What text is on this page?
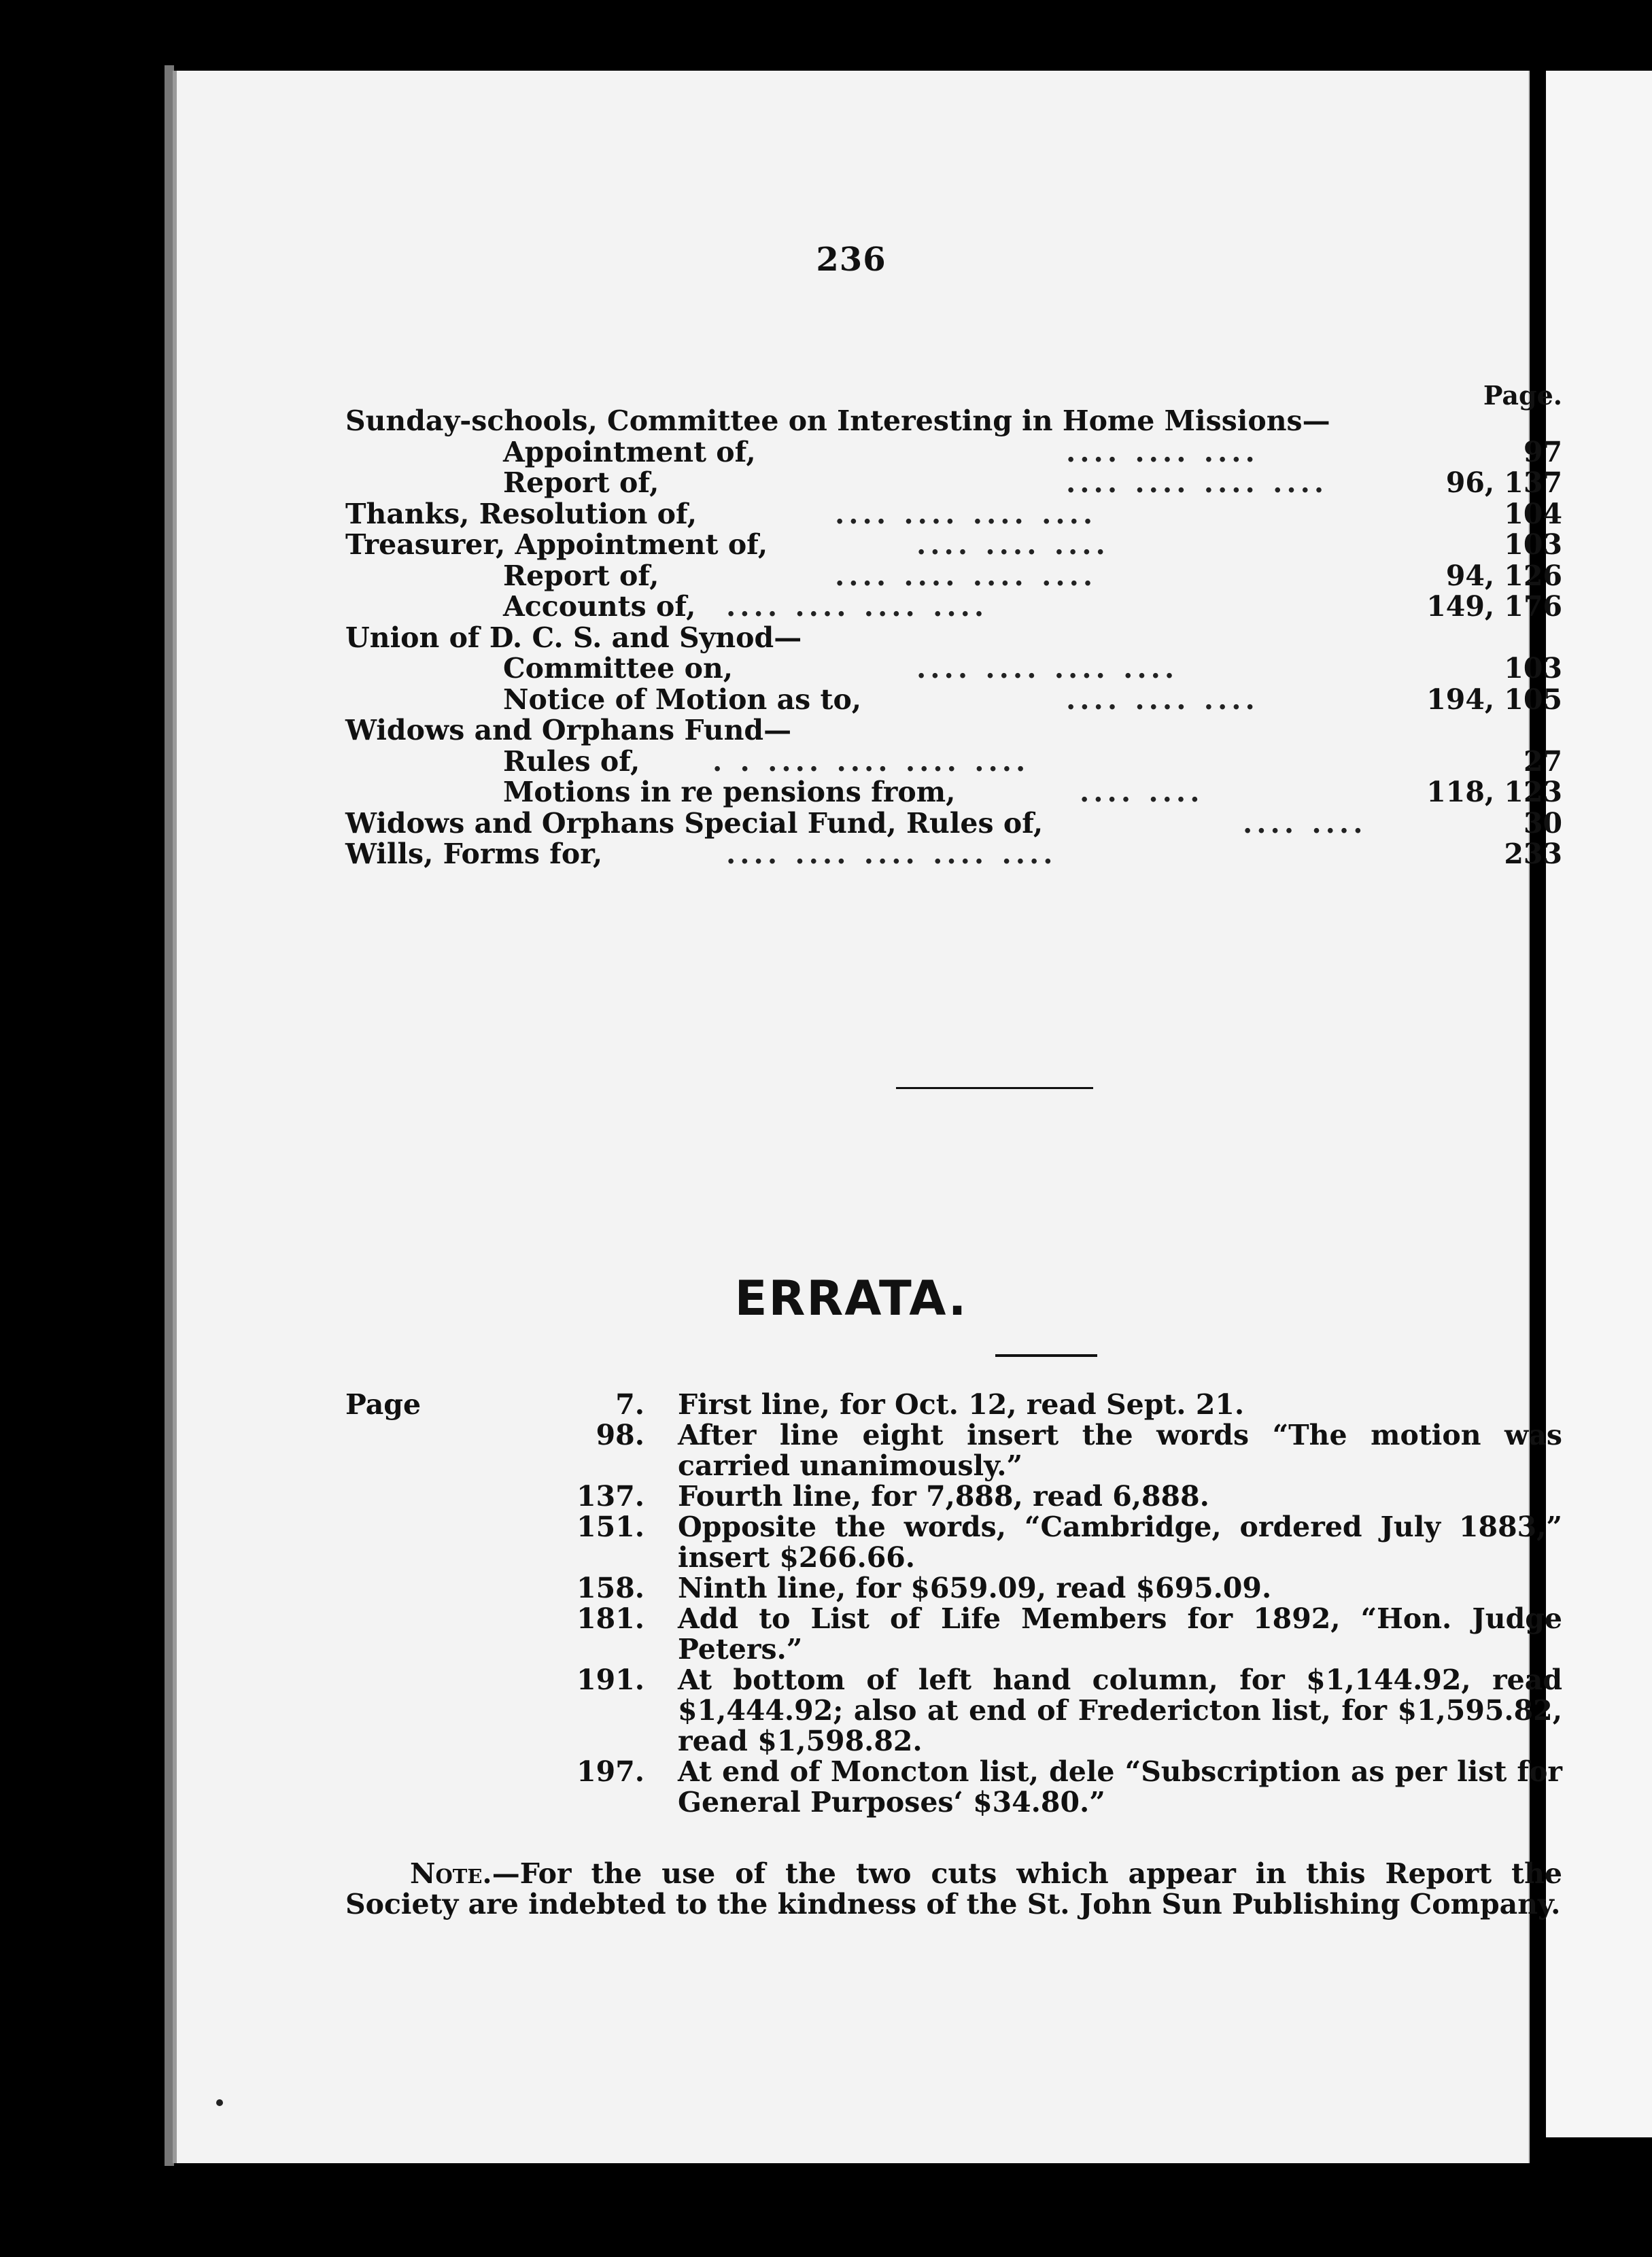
236
Page.
Sunday-schools, Committee on Interesting in Home Missions—
Appointment of,	.... .... ....	97
Report of,	.... .... .... ....	96, 137
Thanks, Resolution of,	.... .... .... ....	104
Treasurer, Appointment of,	.... .... ....	103
Report of,	.... .... .... ....	94, 126
Accounts of, .... .... .... ....	149, 176
Union of D. C. S. and Synod—
Committee on,	.... .... .... ....	103
Notice of Motion as to,	.... .... ....	194, 105
Widows and Orphans Fund—
Rules of,	. . .... .... .... ....	27
Motions in re pensions from,	.... ....	118, 123
Widows and Orphans Special Fund, Rules of,	.... ....	30
Wills, Forms for,	.... .... .... .... ....	233
ERRATA.
Page	7. First line, for Oct. 12, read Sept. 21.
98. After line eight insert the words “The motion was carried unanimously.”
137. Fourth line, for 7,888, read 6,888.
151. Opposite the words, “Cambridge, ordered July 1883,” insert $266.66.
158. Ninth line, for $659.09, read $695.09.
181. Add to List of Life Members for 1892, “Hon. Judge Peters.”
191. At bottom of left hand column, for $1,144.92, read $1,444.92; also at end of Fredericton list, for $1,595.82, read $1,598.82.
197. At end of Moncton list, dele “Subscription as per list for General Purposes‘ $34.80.”
Note.—For the use of the two cuts which appear in this Report the Society are indebted to the kindness of the St. John Sun Publishing Company.
